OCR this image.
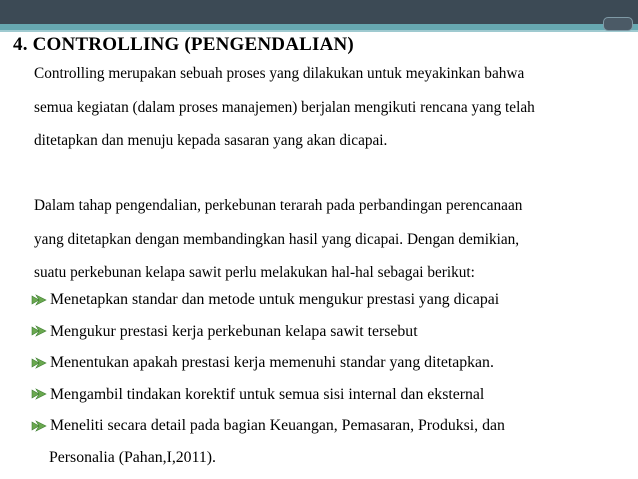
4. CONTROLLING (PENGENDALIAN)
Controlling merupakan sebuah proses yang dilakukan untuk meyakinkan bahwa
semua kegiatan (dalam proses manajemen) berjalan mengikuti rencana yang telah
ditetapkan dan menuju kepada sasaran yang akan dicapai.
Dalam tahap pengendalian, perkebunan terarah pada perbandingan perencanaan
yang ditetapkan dengan membandingkan hasil yang dicapai. Dengan demikian,
suatu perkebunan kelapa sawit perlu melakukan hal-hal sebagai berikut:
Menetapkan standar dan metode untuk mengukur prestasi yang dicapai
Mengukur prestasi kerja perkebunan kelapa sawit tersebut
Menentukan apakah prestasi kerja memenuhi standar yang ditetapkan.
Mengambil tindakan korektif untuk semua sisi internal dan eksternal
Meneliti secara detail pada bagian Keuangan, Pemasaran, Produksi, dan
Personalia (Pahan,I,2011).
